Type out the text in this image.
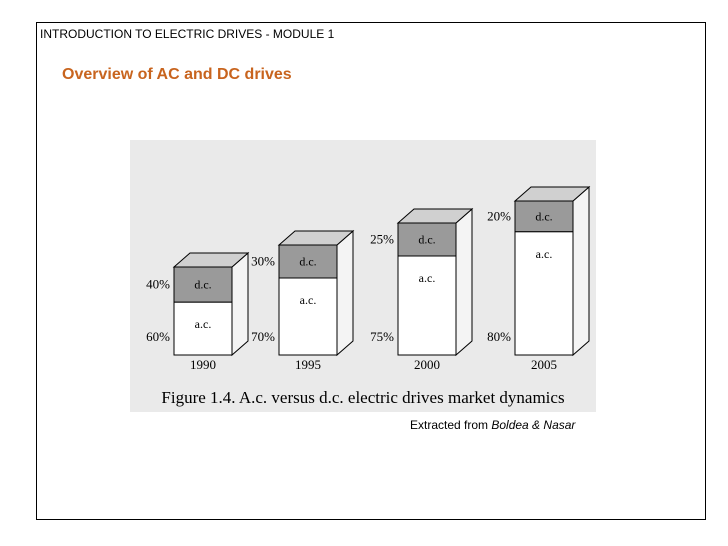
INTRODUCTION TO ELECTRIC DRIVES - MODULE 1
Overview of AC and DC drives
d.c.
a.c.
40%
60%
1990
d.c.
a.c.
30%
70%
1995
d.c.
a.c.
25%
75%
2000
d.c.
a.c.
20%
80%
2005
Figure 1.4. A.c. versus d.c. electric drives market dynamics
Extracted from Boldea & Nasar
